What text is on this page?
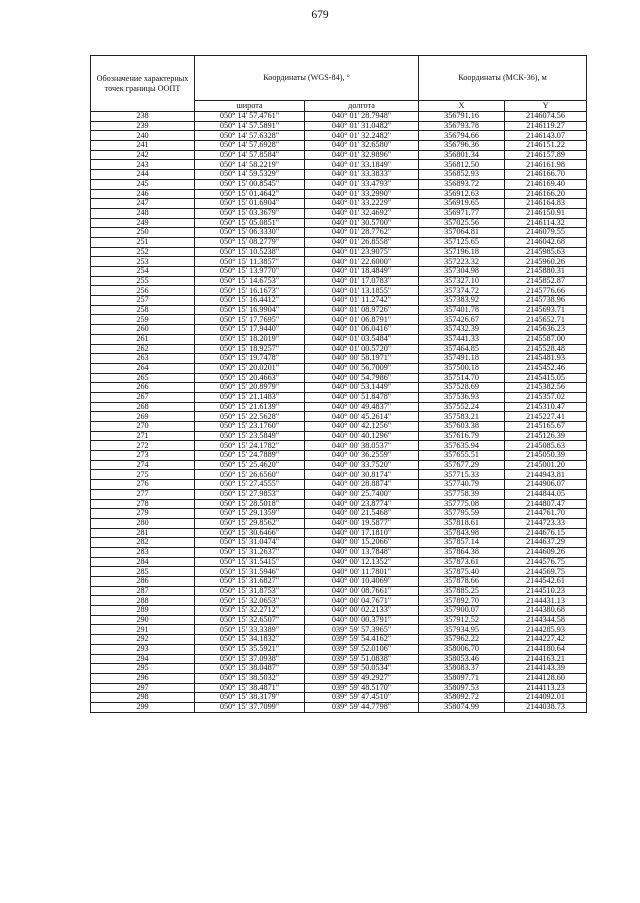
679
Обозначение характерных точек границы ООПТ	Координаты (WGS-84), °		Координаты (МСК-36), м	
	широта	долгота	X	Y
238	050° 14' 57.4761"	040° 01' 28.7948"	356791.16	2146074.56
239	050° 14' 57.5891"	040° 01' 31.0482"	356793.78	2146119.27
240	050° 14' 57.6328"	040° 01' 32.2482"	356794.66	2146143.07
241	050° 14' 57.6928"	040° 01' 32.6580"	356796.36	2146151.22
242	050° 14' 57.8584"	040° 01' 32.9896"	356801.34	2146157.89
243	050° 14' 58.2219"	040° 01' 33.1849"	356812.50	2146161.98
244	050° 14' 59.5329"	040° 01' 33.3833"	356852.93	2146166.70
245	050° 15' 00.8545"	040° 01' 33.4793"	356893.72	2146169.40
246	050° 15' 01.4642"	040° 01' 33.2990"	356912.63	2146166.20
247	050° 15' 01.6904"	040° 01' 33.2229"	356919.65	2146164.83
248	050° 15' 03.3679"	040° 01' 32.4692"	356971.77	2146150.91
249	050° 15' 05.0851"	040° 01' 30.5700"	357025.56	2146114.32
250	050° 15' 06.3330"	040° 01' 28.7762"	357064.81	2146079.55
251	050° 15' 08.2779"	040° 01' 26.8558"	357125.65	2146042.68
252	050° 15' 10.5238"	040° 01' 23.9075"	357196.18	2145985.63
253	050° 15' 11.3857"	040° 01' 22.6000"	357223.32	2145960.26
254	050° 15' 13.9770"	040° 01' 18.4849"	357304.98	2145880.31
255	050° 15' 14.6753"	040° 01' 17.0783"	357327.10	2145852.87
256	050° 15' 16.1673"	040° 01' 13.1855"	357374.72	2145776.66
257	050° 15' 16.4412"	040° 01' 11.2742"	357383.92	2145738.96
258	050° 15' 16.9904"	040° 01' 08.9726"	357401.78	2145693.71
259	050° 15' 17.7695"	040° 01' 06.8791"	357426.67	2145652.71
260	050° 15' 17.9440"	040° 01' 06.0416"	357432.39	2145636.23
261	050° 15' 18.2019"	040° 01' 03.5484"	357441.33	2145587.00
262	050° 15' 18.9257"	040° 01' 00.5720"	357464.85	2145528.48
263	050° 15' 19.7478"	040° 00' 58.1971"	357491.18	2145481.93
264	050° 15' 20.0201"	040° 00' 56.7009"	357500.18	2145452.46
265	050° 15' 20.4663"	040° 00' 54.7986"	357514.70	2145415.05
266	050° 15' 20.8979"	040° 00' 53.1449"	357528.69	2145382.56
267	050° 15' 21.1483"	040° 00' 51.8478"	357536.93	2145357.02
268	050° 15' 21.6139"	040° 00' 49.4837"	357552.24	2145310.47
269	050° 15' 22.5628"	040° 00' 45.2614"	357583.21	2145227.41
270	050° 15' 23.1760"	040° 00' 42.1256"	357603.38	2145165.67
271	050° 15' 23.5849"	040° 00' 40.1296"	357616.79	2145126.39
272	050° 15' 24.1782"	040° 00' 38.0537"	357635.94	2145085.63
273	050° 15' 24.7889"	040° 00' 36.2559"	357655.51	2145050.39
274	050° 15' 25.4620"	040° 00' 33.7520"	357677.29	2145001.20
275	050° 15' 26.6560"	040° 00' 30.8174"	357715.33	2144943.81
276	050° 15' 27.4555"	040° 00' 28.8874"	357740.79	2144906.07
277	050° 15' 27.9853"	040° 00' 25.7400"	357758.39	2144844.05
278	050° 15' 28.5018"	040° 00' 23.8774"	357775.08	2144807.47
279	050° 15' 29.1359"	040° 00' 21.5468"	357795.59	2144761.70
280	050° 15' 29.8562"	040° 00' 19.5877"	357818.61	2144723.33
281	050° 15' 30.6466"	040° 00' 17.1810"	357843.98	2144676.15
282	050° 15' 31.0474"	040° 00' 15.2066"	357857.14	2144637.29
283	050° 15' 31.2637"	040° 00' 13.7848"	357864.38	2144609.26
284	050° 15' 31.5415"	040° 00' 12.1352"	357873.61	2144576.75
285	050° 15' 31.5946"	040° 00' 11.7801"	357875.40	2144569.75
286	050° 15' 31.6827"	040° 00' 10.4069"	357878.66	2144542.61
287	050° 15' 31.8753"	040° 00' 08.7661"	357885.25	2144510.23
288	050° 15' 32.0653"	040° 00' 04.7671"	357892.70	2144431.13
289	050° 15' 32.2712"	040° 00' 02.2133"	357900.07	2144380.68
290	050° 15' 32.6507"	040° 00' 00.3791"	357912.52	2144344.58
291	050° 15' 33.3389"	039° 59' 57.3965"	357934.95	2144285.93
292	050° 15' 34.1832"	039° 59' 54.4162"	357962.22	2144227.42
293	050° 15' 35.5921"	039° 59' 52.0106"	358006.70	2144180.64
294	050° 15' 37.0938"	039° 59' 51.0838"	358053.46	2144163.21
295	050° 15' 38.0487"	039° 59' 50.0534"	358083.37	2144143.39
296	050° 15' 38.5032"	039° 59' 49.2927"	358097.71	2144128.60
297	050° 15' 38.4871"	039° 59' 48.5170"	358097.53	2144113.23
298	050° 15' 38.3179"	039° 59' 47.4510"	358092.72	2144092.01
299	050° 15' 37.7099"	039° 59' 44.7798"	358074.99	2144038.73
